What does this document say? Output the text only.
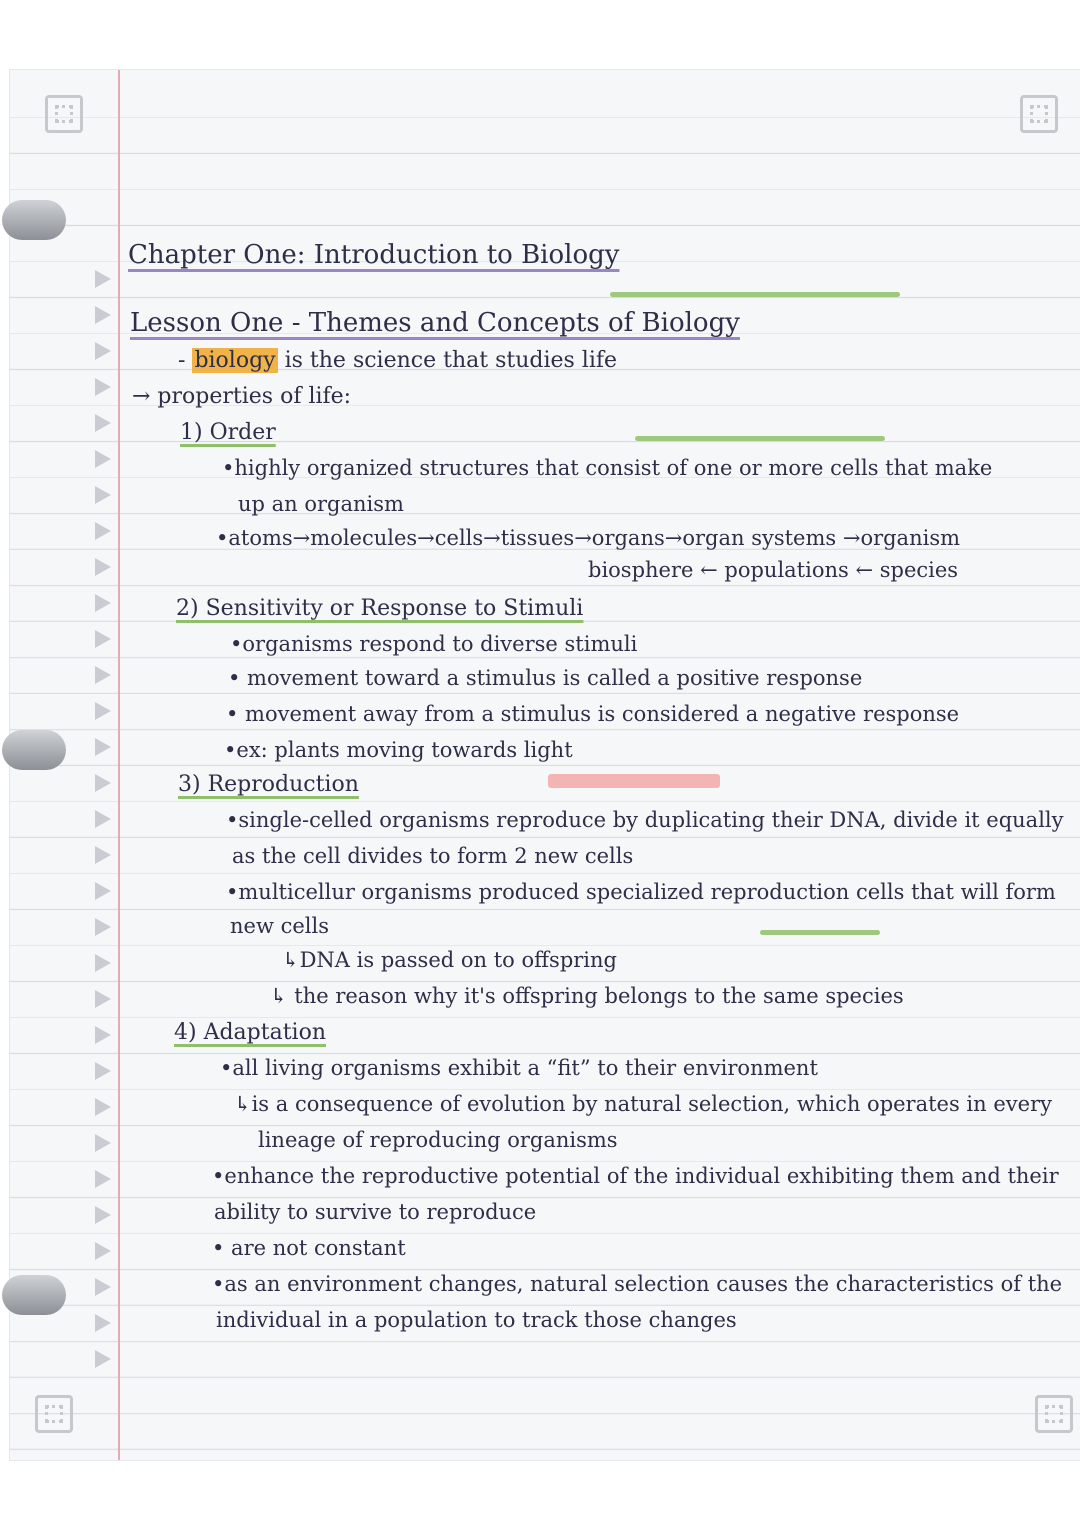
Chapter One: Introduction to Biology
Lesson One - Themes and Concepts of Biology
- biology is the science that studies life
→ properties of life:
1) Order
•highly organized structures that consist of one or more cells that make
up an organism
•atoms→molecules→cells→tissues→organs→organ systems →organism
biosphere ← populations ← species
2) Sensitivity or Response to Stimuli
•organisms respond to diverse stimuli
• movement toward a stimulus is called a positive response
• movement away from a stimulus is considered a negative response
•ex: plants moving towards light
3) Reproduction
•single-celled organisms reproduce by duplicating their DNA, divide it equally
as the cell divides to form 2 new cells
•multicellur organisms produced specialized reproduction cells that will form
new cells
↳DNA is passed on to offspring
↳ the reason why it's offspring belongs to the same species
4) Adaptation
•all living organisms exhibit a “fit” to their environment
↳is a consequence of evolution by natural selection, which operates in every
lineage of reproducing organisms
•enhance the reproductive potential of the individual exhibiting them and their
ability to survive to reproduce
• are not constant
•as an environment changes, natural selection causes the characteristics of the
individual in a population to track those changes
